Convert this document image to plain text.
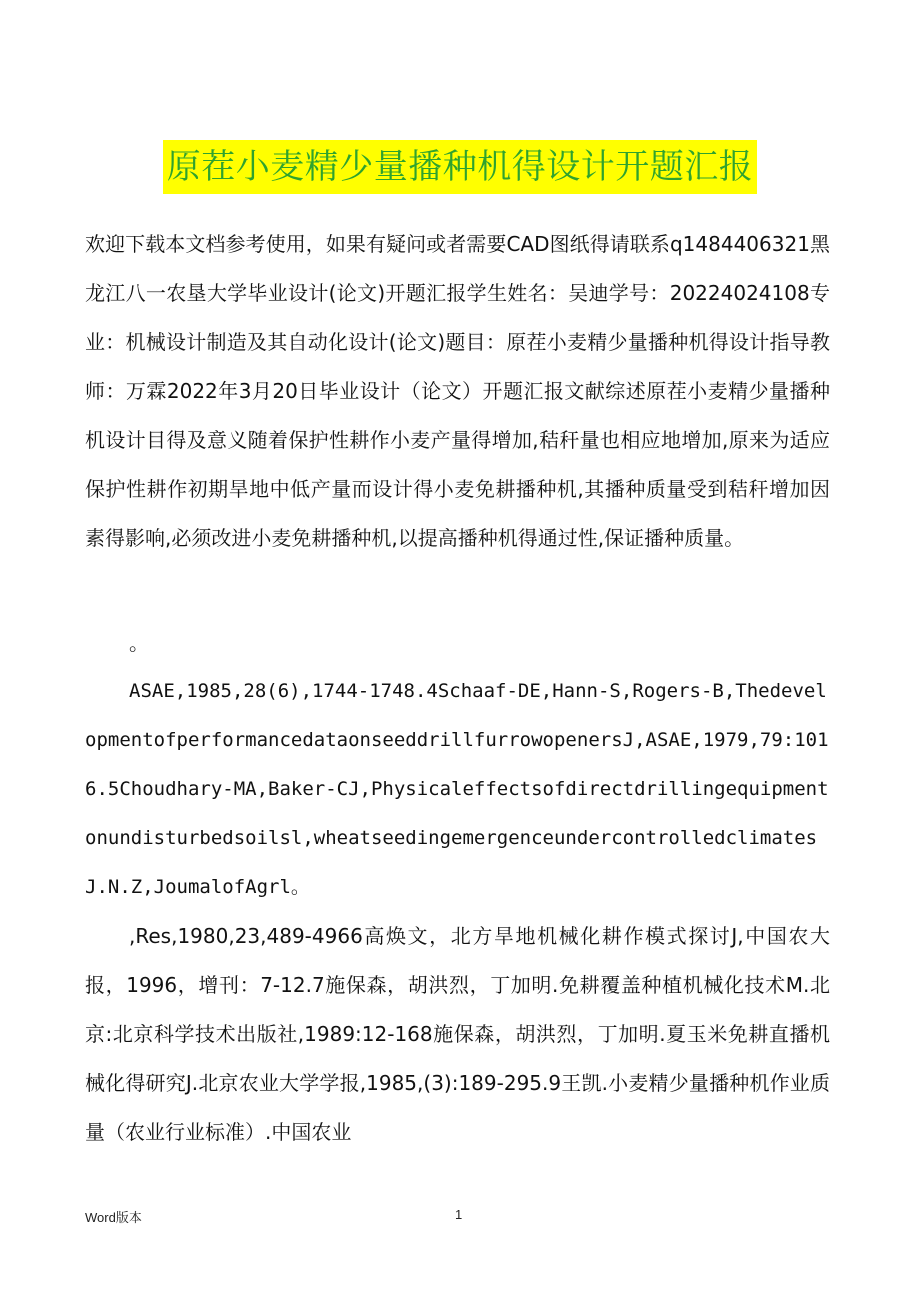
原茬小麦精少量播种机得设计开题汇报

欢迎下载本文档参考使用，如果有疑问或者需要CAD图纸得请联系q1484406321黑龙江八一农垦大学毕业设计(论文)开题汇报学生姓名：吴迪学号：20224024108专业：机械设计制造及其自动化设计(论文)题目：原茬小麦精少量播种机得设计指导教师：万霖2022年3月20日毕业设计（论文）开题汇报文献综述原茬小麦精少量播种机设计目得及意义随着保护性耕作小麦产量得增加,秸秆量也相应地增加,原来为适应保护性耕作初期旱地中低产量而设计得小麦免耕播种机,其播种质量受到秸秆增加因素得影响,必须改进小麦免耕播种机,以提高播种机得通过性,保证播种质量。

。

ASAE,1985,28(6),1744-1748.4Schaaf-DE,Hann-S,Rogers-B,ThedevelopmentofperformancedataonseeddrillfurrowopenersJ,ASAE,1979,79:1016.5Choudhary-MA,Baker-CJ,Physicaleffectsofdirectdrillingequipmentonundisturbedsoilsl,wheatseedingemergenceundercontrolledclimatesJ.N.Z,JoumalofAgrl。

,Res,1980,23,489-4966高焕文，北方旱地机械化耕作模式探讨J,中国农大报，1996，增刊：7-12.7施保森，胡洪烈，丁加明.免耕覆盖种植机械化技术M.北京:北京科学技术出版社,1989:12-168施保森，胡洪烈，丁加明.夏玉米免耕直播机械化得研究J.北京农业大学学报,1985,(3):189-295.9王凯.小麦精少量播种机作业质量（农业行业标准）.中国农业

Word版本	1
